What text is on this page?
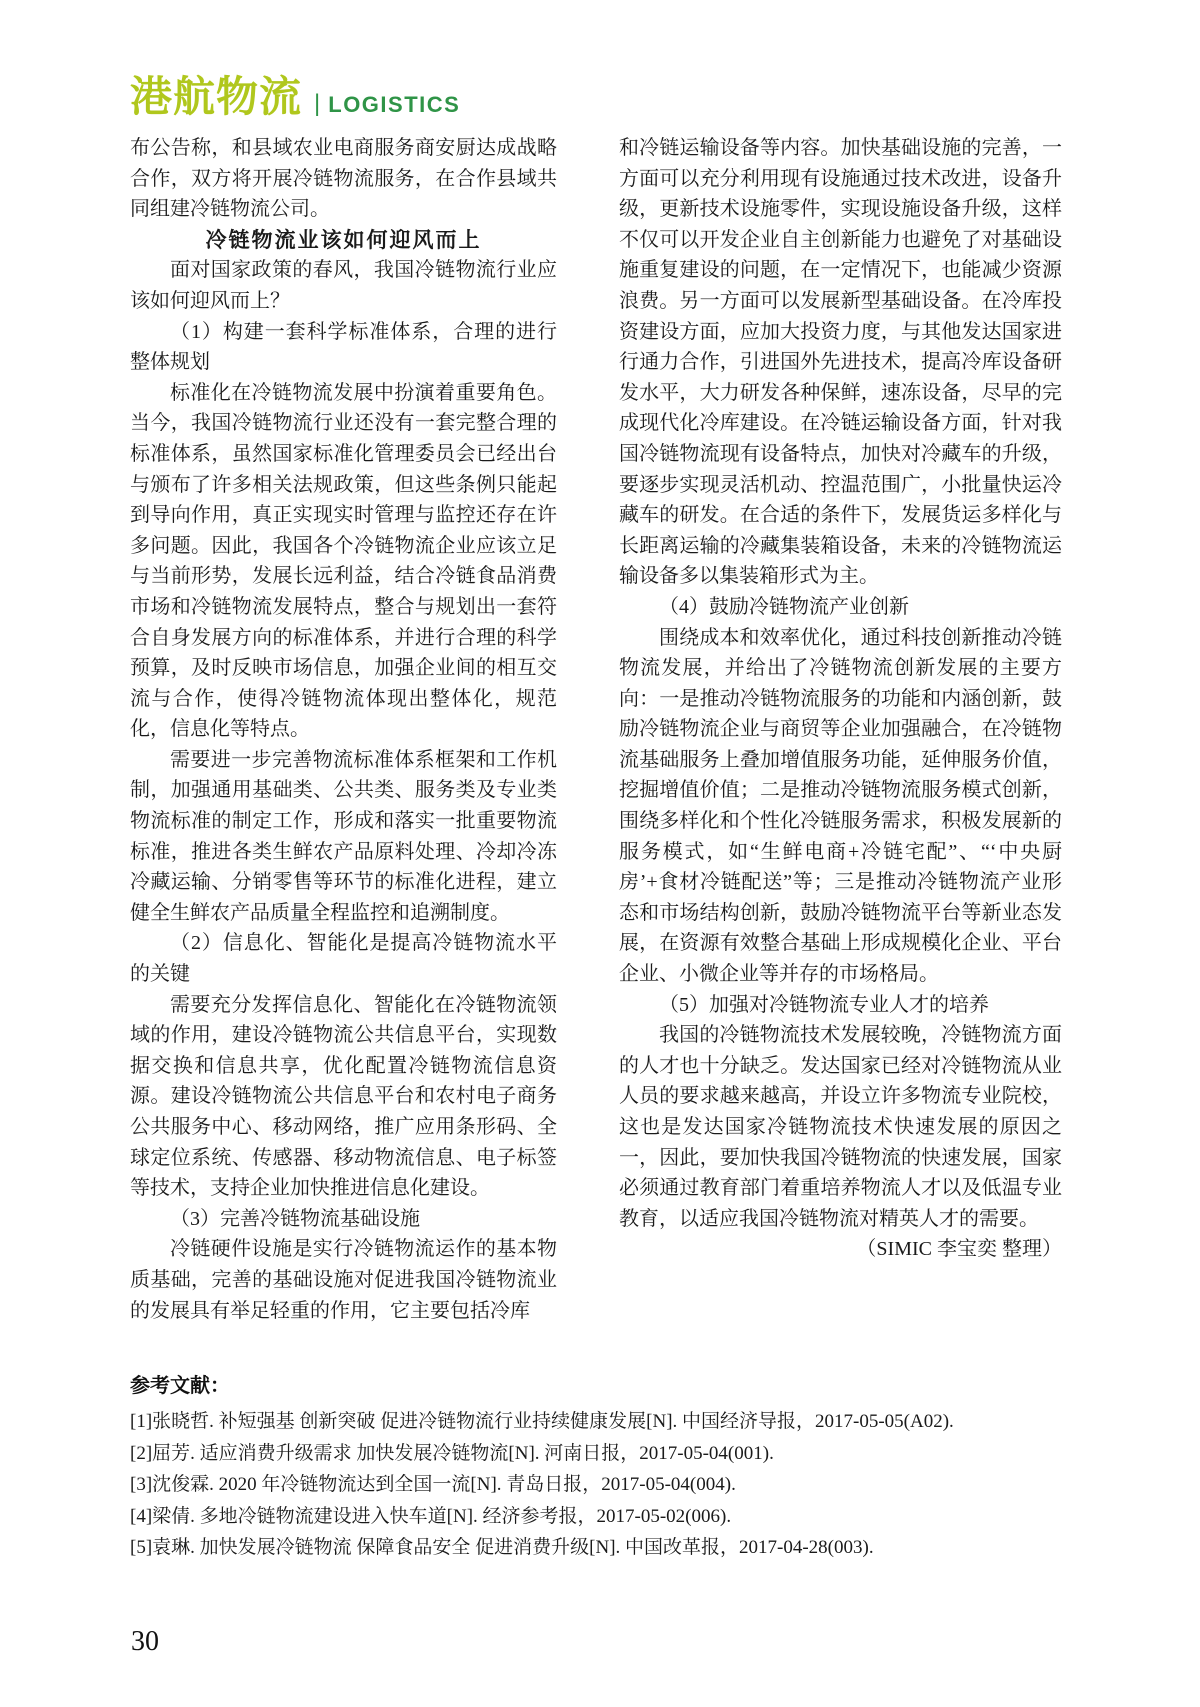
港航物流 | LOGISTICS

布公告称，和县域农业电商服务商安厨达成战略合作，双方将开展冷链物流服务，在合作县域共同组建冷链物流公司。

冷链物流业该如何迎风而上

面对国家政策的春风，我国冷链物流行业应该如何迎风而上？

（1）构建一套科学标准体系，合理的进行整体规划

标准化在冷链物流发展中扮演着重要角色。当今，我国冷链物流行业还没有一套完整合理的标准体系，虽然国家标准化管理委员会已经出台与颁布了许多相关法规政策，但这些条例只能起到导向作用，真正实现实时管理与监控还存在许多问题。因此，我国各个冷链物流企业应该立足与当前形势，发展长远利益，结合冷链食品消费市场和冷链物流发展特点，整合与规划出一套符合自身发展方向的标准体系，并进行合理的科学预算，及时反映市场信息，加强企业间的相互交流与合作，使得冷链物流体现出整体化，规范化，信息化等特点。

需要进一步完善物流标准体系框架和工作机制，加强通用基础类、公共类、服务类及专业类物流标准的制定工作，形成和落实一批重要物流标准，推进各类生鲜农产品原料处理、冷却冷冻冷藏运输、分销零售等环节的标准化进程，建立健全生鲜农产品质量全程监控和追溯制度。

（2）信息化、智能化是提高冷链物流水平的关键

需要充分发挥信息化、智能化在冷链物流领域的作用，建设冷链物流公共信息平台，实现数据交换和信息共享，优化配置冷链物流信息资源。建设冷链物流公共信息平台和农村电子商务公共服务中心、移动网络，推广应用条形码、全球定位系统、传感器、移动物流信息、电子标签等技术，支持企业加快推进信息化建设。

（3）完善冷链物流基础设施

冷链硬件设施是实行冷链物流运作的基本物质基础，完善的基础设施对促进我国冷链物流业的发展具有举足轻重的作用，它主要包括冷库

和冷链运输设备等内容。加快基础设施的完善，一方面可以充分利用现有设施通过技术改进，设备升级，更新技术设施零件，实现设施设备升级，这样不仅可以开发企业自主创新能力也避免了对基础设施重复建设的问题，在一定情况下，也能减少资源浪费。另一方面可以发展新型基础设备。在冷库投资建设方面，应加大投资力度，与其他发达国家进行通力合作，引进国外先进技术，提高冷库设备研发水平，大力研发各种保鲜，速冻设备，尽早的完成现代化冷库建设。在冷链运输设备方面，针对我国冷链物流现有设备特点，加快对冷藏车的升级，要逐步实现灵活机动、控温范围广，小批量快运冷藏车的研发。在合适的条件下，发展货运多样化与长距离运输的冷藏集装箱设备，未来的冷链物流运输设备多以集装箱形式为主。

（4）鼓励冷链物流产业创新

围绕成本和效率优化，通过科技创新推动冷链物流发展，并给出了冷链物流创新发展的主要方向：一是推动冷链物流服务的功能和内涵创新，鼓励冷链物流企业与商贸等企业加强融合，在冷链物流基础服务上叠加增值服务功能，延伸服务价值，挖掘增值价值；二是推动冷链物流服务模式创新，围绕多样化和个性化冷链服务需求，积极发展新的服务模式，如“生鲜电商+冷链宅配”、“‘中央厨房’+食材冷链配送”等；三是推动冷链物流产业形态和市场结构创新，鼓励冷链物流平台等新业态发展，在资源有效整合基础上形成规模化企业、平台企业、小微企业等并存的市场格局。

（5）加强对冷链物流专业人才的培养

我国的冷链物流技术发展较晚，冷链物流方面的人才也十分缺乏。发达国家已经对冷链物流从业人员的要求越来越高，并设立许多物流专业院校，这也是发达国家冷链物流技术快速发展的原因之一，因此，要加快我国冷链物流的快速发展，国家必须通过教育部门着重培养物流人才以及低温专业教育，以适应我国冷链物流对精英人才的需要。

（SIMIC 李宝奕 整理）

参考文献：

[1]张晓哲. 补短强基 创新突破 促进冷链物流行业持续健康发展[N]. 中国经济导报，2017-05-05(A02).

[2]屈芳. 适应消费升级需求 加快发展冷链物流[N]. 河南日报，2017-05-04(001).

[3]沈俊霖. 2020 年冷链物流达到全国一流[N]. 青岛日报，2017-05-04(004).

[4]梁倩. 多地冷链物流建设进入快车道[N]. 经济参考报，2017-05-02(006).

[5]袁琳. 加快发展冷链物流 保障食品安全 促进消费升级[N]. 中国改革报，2017-04-28(003).

30
